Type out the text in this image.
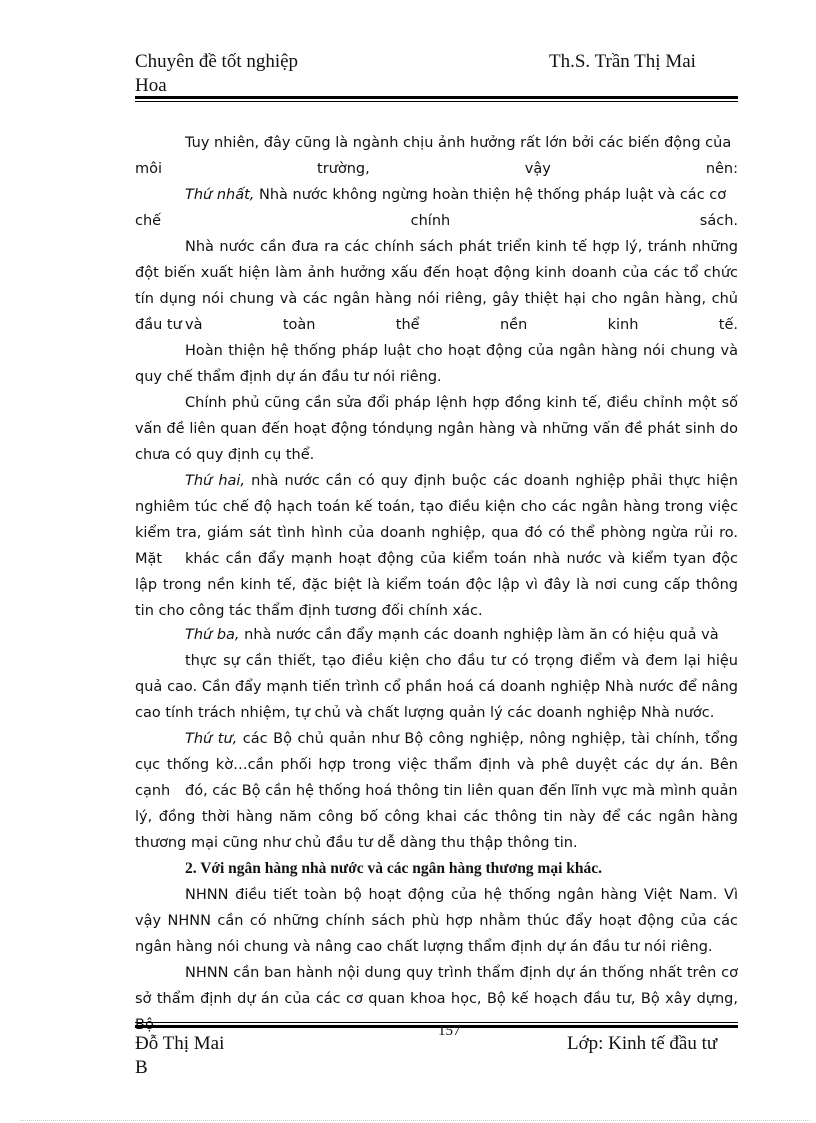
Chuyên đề tốt nghiệp
Hoa
Th.S. Trần Thị Mai

Tuy nhiên, đây cũng là ngành chịu ảnh hưởng rất lớn bởi các biến động của

môi trường, vậy nên:

Thứ nhất, Nhà nước không ngừng hoàn thiện hệ thống pháp luật và các cơ

chế chính sách.

Nhà nước cần đưa ra các chính sách phát triển kinh tế hợp lý, tránh những đột biến xuất hiện làm ảnh hưởng xấu đến hoạt động kinh doanh của các tổ chức tín dụng nói chung và các ngân hàng nói riêng, gây thiệt hại cho ngân hàng, chủ đầu tư và toàn thể nền kinh tế.

Hoàn thiện hệ thống pháp luật cho hoạt động của ngân hàng nói chung và quy chế thẩm định dự án đầu tư nói riêng.

Chính phủ cũng cần sửa đổi pháp lệnh hợp đồng kinh tế, điều chỉnh một số vấn đề liên quan đến hoạt động tóndụng ngân hàng và những vấn đề phát sinh do chưa có quy định cụ thể.

Thứ hai, nhà nước cần có quy định buộc các doanh nghiệp phải thực hiện nghiêm túc chế độ hạch toán kế toán, tạo điều kiện cho các ngân hàng trong việc kiểm tra, giám sát tình hình của doanh nghiệp, qua đó có thể phòng ngừa rủi ro. Mặt	khác cần đẩy mạnh hoạt động của kiểm toán nhà nước và kiểm tyan độc lập trong nền kinh tế, đặc biệt là kiểm toán độc lập vì đây là nơi cung cấp thông tin cho công tác thẩm định tương đối chính xác.

Thứ ba, nhà nước cần đẩy mạnh các doanh nghiệp làm ăn có hiệu quả và

thực sự cần thiết, tạo điều kiện cho đầu tư có trọng điểm và đem lại hiệu quả cao. Cần đẩy mạnh tiến trình cổ phần hoá cá doanh nghiệp Nhà nước để nâng cao tính trách nhiệm, tự chủ và chất lượng quản lý các doanh nghiệp Nhà nước.

Thứ tư, các Bộ chủ quản như Bộ công nghiệp, nông nghiệp, tài chính, tổng cục thống kờ…cần phối hợp trong việc thẩm định và phê duyệt các dự án. Bên cạnh	đó, các Bộ cần hệ thống hoá thông tin liên quan đến lĩnh vực mà mình quản

lý, đồng thời hàng năm công bố công khai các thông tin này để các ngân hàng thương mại cũng như chủ đầu tư dễ dàng thu thập thông tin.

2. Với ngân hàng nhà nước và các ngân hàng thương mại khác.

NHNN điều tiết toàn bộ hoạt động của hệ thống ngân hàng Việt Nam. Vì vậy NHNN cần có những chính sách phù hợp nhằm thúc đẩy hoạt động của các ngân hàng nói chung và nâng cao chất lượng thẩm định dự án đầu tư nói riêng.

NHNN cần ban hành nội dung quy trình thẩm định dự án thống nhất trên cơ sở thẩm định dự án của các cơ quan khoa học, Bộ kế hoạch đầu tư, Bộ xây dựng,

157
Đỗ Thị Mai
B
Lớp: Kinh tế đầu tư
